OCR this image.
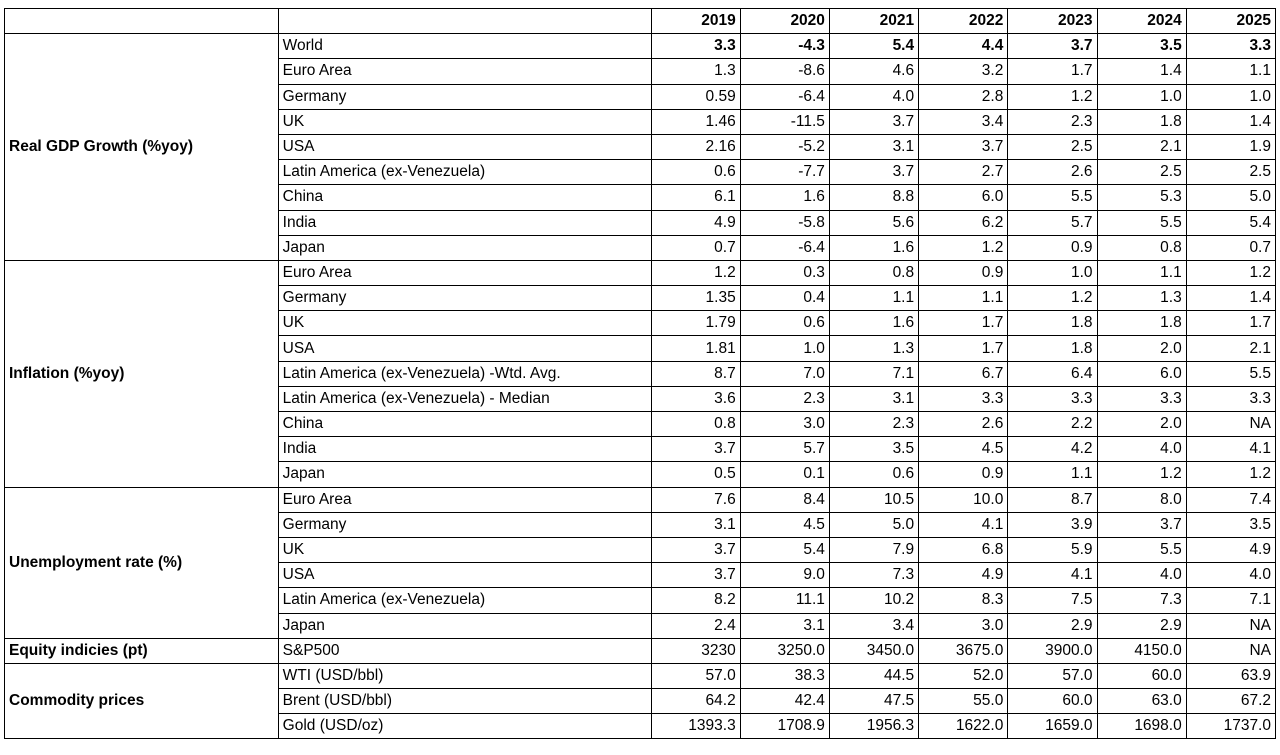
		2019	2020	2021	2022	2023	2024	2025
Real GDP Growth (%yoy)	World	3.3	-4.3	5.4	4.4	3.7	3.5	3.3
	Euro Area	1.3	-8.6	4.6	3.2	1.7	1.4	1.1
	Germany	0.59	-6.4	4.0	2.8	1.2	1.0	1.0
	UK	1.46	-11.5	3.7	3.4	2.3	1.8	1.4
	USA	2.16	-5.2	3.1	3.7	2.5	2.1	1.9
	Latin America (ex-Venezuela)	0.6	-7.7	3.7	2.7	2.6	2.5	2.5
	China	6.1	1.6	8.8	6.0	5.5	5.3	5.0
	India	4.9	-5.8	5.6	6.2	5.7	5.5	5.4
	Japan	0.7	-6.4	1.6	1.2	0.9	0.8	0.7
Inflation (%yoy)	Euro Area	1.2	0.3	0.8	0.9	1.0	1.1	1.2
	Germany	1.35	0.4	1.1	1.1	1.2	1.3	1.4
	UK	1.79	0.6	1.6	1.7	1.8	1.8	1.7
	USA	1.81	1.0	1.3	1.7	1.8	2.0	2.1
	Latin America (ex-Venezuela) -Wtd. Avg.	8.7	7.0	7.1	6.7	6.4	6.0	5.5
	Latin America (ex-Venezuela) - Median	3.6	2.3	3.1	3.3	3.3	3.3	3.3
	China	0.8	3.0	2.3	2.6	2.2	2.0	NA
	India	3.7	5.7	3.5	4.5	4.2	4.0	4.1
	Japan	0.5	0.1	0.6	0.9	1.1	1.2	1.2
Unemployment rate (%)	Euro Area	7.6	8.4	10.5	10.0	8.7	8.0	7.4
	Germany	3.1	4.5	5.0	4.1	3.9	3.7	3.5
	UK	3.7	5.4	7.9	6.8	5.9	5.5	4.9
	USA	3.7	9.0	7.3	4.9	4.1	4.0	4.0
	Latin America (ex-Venezuela)	8.2	11.1	10.2	8.3	7.5	7.3	7.1
	Japan	2.4	3.1	3.4	3.0	2.9	2.9	NA
Equity indicies (pt)	S&P500	3230	3250.0	3450.0	3675.0	3900.0	4150.0	NA
Commodity prices	WTI (USD/bbl)	57.0	38.3	44.5	52.0	57.0	60.0	63.9
	Brent (USD/bbl)	64.2	42.4	47.5	55.0	60.0	63.0	67.2
	Gold (USD/oz)	1393.3	1708.9	1956.3	1622.0	1659.0	1698.0	1737.0
